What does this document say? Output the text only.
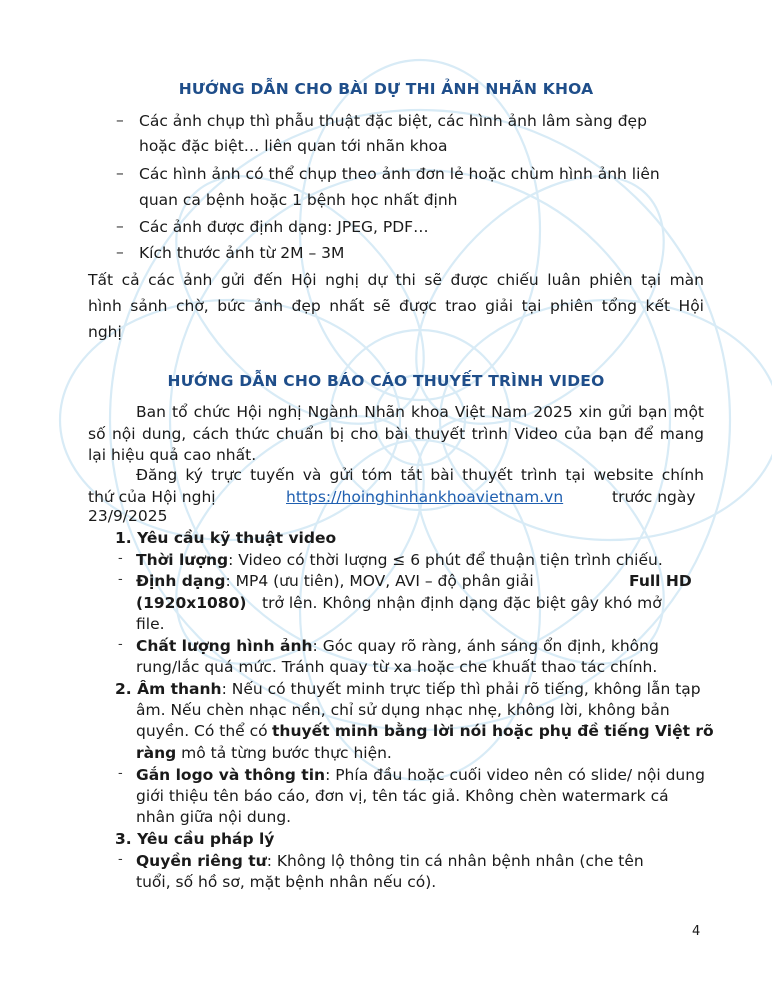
HƯỚNG DẪN CHO BÀI DỰ THI ẢNH NHÃN KHOA
– Các ảnh chụp thì phẫu thuật đặc biệt, các hình ảnh lâm sàng đẹp
hoặc đặc biệt… liên quan tới nhãn khoa
– Các hình ảnh có thể chụp theo ảnh đơn lẻ hoặc chùm hình ảnh liên
quan ca bệnh hoặc 1 bệnh học nhất định
– Các ảnh được định dạng: JPEG, PDF…
– Kích thước ảnh từ 2M – 3M
Tất cả các ảnh gửi đến Hội nghị dự thi sẽ được chiếu luân phiên tại màn
hình sảnh chờ, bức ảnh đẹp nhất sẽ được trao giải tại phiên tổng kết Hội
nghị
HƯỚNG DẪN CHO BÁO CÁO THUYẾT TRÌNH VIDEO
Ban tổ chức Hội nghị Ngành Nhãn khoa Việt Nam 2025 xin gửi bạn một
số nội dung, cách thức chuẩn bị cho bài thuyết trình Video của bạn để mang
lại hiệu quả cao nhất.
Đăng ký trực tuyến và gửi tóm tắt bài thuyết trình tại website chính
thứ của Hội nghị	https://hoinghinhankhoavietnam.vn	trước ngày
23/9/2025
1. Yêu cầu kỹ thuật video
- Thời lượng: Video có thời lượng ≤ 6 phút để thuận tiện trình chiếu.
- Định dạng: MP4 (ưu tiên), MOV, AVI – độ phân giải	Full HD
(1920x1080) trở lên. Không nhận định dạng đặc biệt gây khó mở
file.
- Chất lượng hình ảnh: Góc quay rõ ràng, ánh sáng ổn định, không
rung/lắc quá mức. Tránh quay từ xa hoặc che khuất thao tác chính.
2. Âm thanh: Nếu có thuyết minh trực tiếp thì phải rõ tiếng, không lẫn tạp
âm. Nếu chèn nhạc nền, chỉ sử dụng nhạc nhẹ, không lời, không bản
quyền. Có thể có thuyết minh bằng lời nói hoặc phụ đề tiếng Việt rõ
ràng mô tả từng bước thực hiện.
- Gắn logo và thông tin: Phía đầu hoặc cuối video nên có slide/ nội dung
giới thiệu tên báo cáo, đơn vị, tên tác giả. Không chèn watermark cá
nhân giữa nội dung.
3. Yêu cầu pháp lý
- Quyền riêng tư: Không lộ thông tin cá nhân bệnh nhân (che tên
tuổi, số hồ sơ, mặt bệnh nhân nếu có).
4
